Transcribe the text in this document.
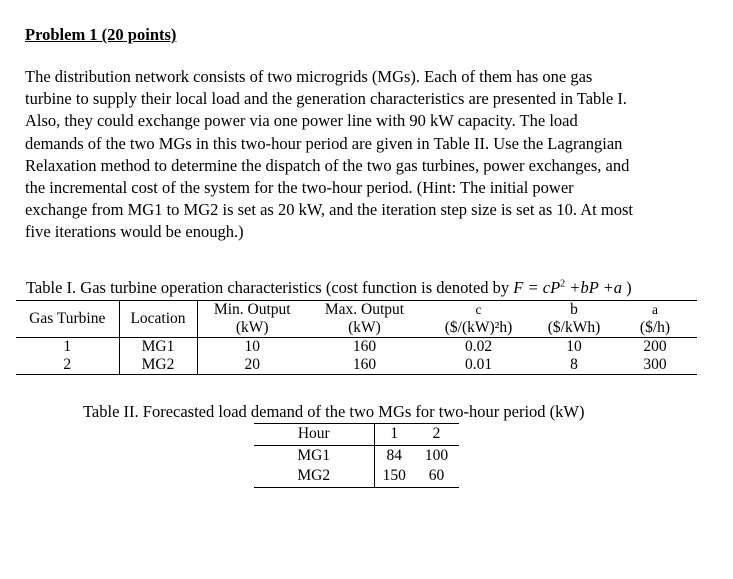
Problem 1 (20 points)
The distribution network consists of two microgrids (MGs). Each of them has one gas
turbine to supply their local load and the generation characteristics are presented in Table I.
Also, they could exchange power via one power line with 90 kW capacity. The load
demands of the two MGs in this two-hour period are given in Table II. Use the Lagrangian
Relaxation method to determine the dispatch of the two gas turbines, power exchanges, and
the incremental cost of the system for the two-hour period. (Hint: The initial power
exchange from MG1 to MG2 is set as 20 kW, and the iteration step size is set as 10. At most
five iterations would be enough.)
Table I. Gas turbine operation characteristics (cost function is denoted by $F = cP^2 +bP +a$ )
Gas Turbine	Location	Min. Output	Max. Output	c	b	a
		(kW)	(kW)	($/(kW)²h)	($/kWh)	($/h)
1	MG1	10	160	0.02	10	200
2	MG2	20	160	0.01	8	300
Table II. Forecasted load demand of the two MGs for two-hour period (kW)
Hour	1	2
MG1	84	100
MG2	150	60
